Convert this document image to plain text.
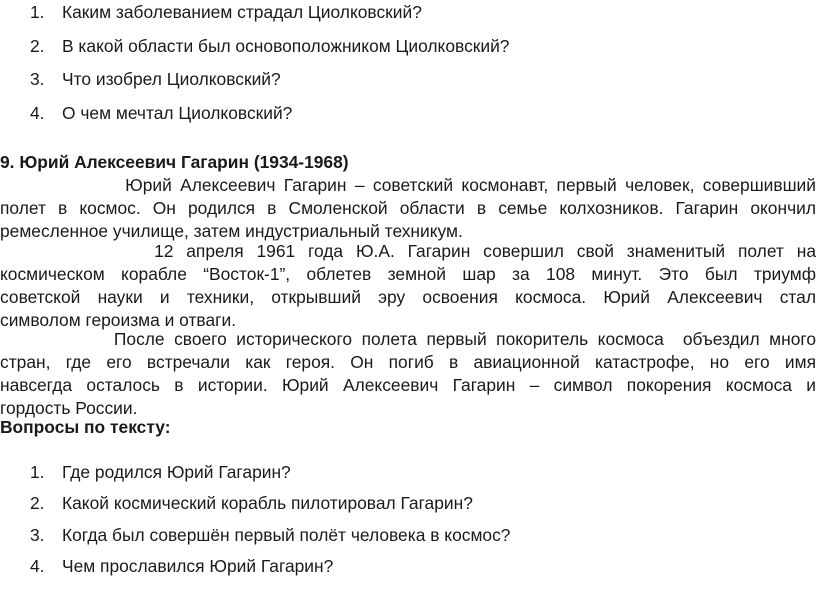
1. Каким заболеванием страдал Циолковский?
2. В какой области был основоположником Циолковский?
3. Что изобрел Циолковский?
4. О чем мечтал Циолковский?
9. Юрий Алексеевич Гагарин (1934-1968)

Юрий Алексеевич Гагарин – советский космонавт, первый человек, совершивший
полет в космос. Он родился в Смоленской области в семье колхозников. Гагарин окончил
ремесленное училище, затем индустриальный техникум.

12 апреля 1961 года Ю.А. Гагарин совершил свой знаменитый полет на
космическом корабле “Восток-1”, облетев земной шар за 108 минут. Это был триумф
советской науки и техники, открывший эру освоения космоса. Юрий Алексеевич стал
символом героизма и отваги.

После своего исторического полета первый покоритель космоса  объездил много
стран, где его встречали как героя. Он погиб в авиационной катастрофе, но его имя
навсегда осталось в истории. Юрий Алексеевич Гагарин – символ покорения космоса и
гордость России.

Вопросы по тексту:
1. Где родился Юрий Гагарин?
2. Какой космический корабль пилотировал Гагарин?
3. Когда был совершён первый полёт человека в космос?
4. Чем прославился Юрий Гагарин?
